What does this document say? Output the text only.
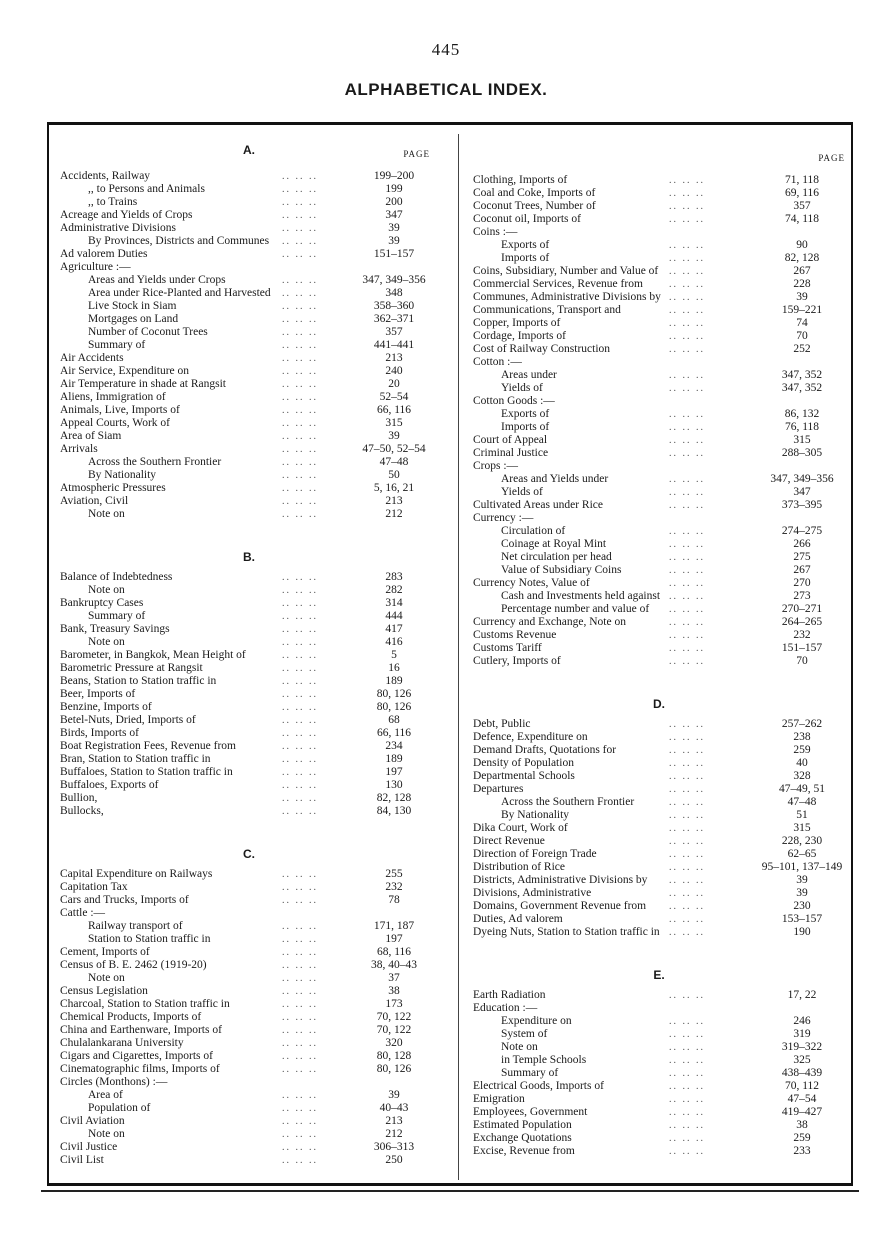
445
ALPHABETICAL INDEX.
A.	PAGE
Accidents, Railway	.. .. ..	199–200
,, to Persons and Animals	.. .. ..	199
,, to Trains	.. .. ..	200
Acreage and Yields of Crops	.. .. ..	347
Administrative Divisions	.. .. ..	39
By Provinces, Districts and Communes .. .. ..	39
Ad valorem Duties	.. .. ..	151–157
Agriculture :—
Areas and Yields under Crops	.. .. ..	347, 349–356
Area under Rice-Planted and Harvested .. .. ..	348
Live Stock in Siam	.. .. ..	358–360
Mortgages on Land	.. .. ..	362–371
Number of Coconut Trees	.. .. ..	357
Summary of	.. .. ..	441–441
Air Accidents	.. .. ..	213
Air Service, Expenditure on	.. .. ..	240
Air Temperature in shade at Rangsit	.. .. ..	20
Aliens, Immigration of	.. .. ..	52–54
Animals, Live, Imports of	.. .. ..	66, 116
Appeal Courts, Work of	.. .. ..	315
Area of Siam	.. .. ..	39
Arrivals	.. .. ..	47–50, 52–54
Across the Southern Frontier	.. .. ..	47–48
By Nationality	.. .. ..	50
Atmospheric Pressures	.. .. ..	5, 16, 21
Aviation, Civil	.. .. ..	213
Note on	.. .. ..	212
B.
Balance of Indebtedness	.. .. ..	283
Note on	.. .. ..	282
Bankruptcy Cases	.. .. ..	314
Summary of	.. .. ..	444
Bank, Treasury Savings	.. .. ..	417
Note on	.. .. ..	416
Barometer, in Bangkok, Mean Height of	.. .. ..	5
Barometric Pressure at Rangsit	.. .. ..	16
Beans, Station to Station traffic in	.. .. ..	189
Beer, Imports of	.. .. ..	80, 126
Benzine, Imports of	.. .. ..	80, 126
Betel-Nuts, Dried, Imports of	.. .. ..	68
Birds, Imports of	.. .. ..	66, 116
Boat Registration Fees, Revenue from	.. .. ..	234
Bran, Station to Station traffic in	.. .. ..	189
Buffaloes, Station to Station traffic in	.. .. ..	197
Buffaloes, Exports of	.. .. ..	130
Bullion,	.. .. ..	82, 128
Bullocks,	.. .. ..	84, 130
C.
Capital Expenditure on Railways	.. .. ..	255
Capitation Tax	.. .. ..	232
Cars and Trucks, Imports of	.. .. ..	78
Cattle :—
Railway transport of	.. .. ..	171, 187
Station to Station traffic in	.. .. ..	197
Cement, Imports of	.. .. ..	68, 116
Census of B. E. 2462 (1919-20)	.. .. ..	38, 40–43
Note on	.. .. ..	37
Census Legislation	.. .. ..	38
Charcoal, Station to Station traffic in	.. .. ..	173
Chemical Products, Imports of	.. .. ..	70, 122
China and Earthenware, Imports of	.. .. ..	70, 122
Chulalankarana University	.. .. ..	320
Cigars and Cigarettes, Imports of	.. .. ..	80, 128
Cinematographic films, Imports of	.. .. ..	80, 126
Circles (Monthons) :—
Area of	.. .. ..	39
Population of	.. .. ..	40–43
Civil Aviation	.. .. ..	213
Note on	.. .. ..	212
Civil Justice	.. .. ..	306–313
Civil List	.. .. ..	250
PAGE
Clothing, Imports of	.. .. ..	71, 118
Coal and Coke, Imports of	.. .. ..	69, 116
Coconut Trees, Number of	.. .. ..	357
Coconut oil, Imports of	.. .. ..	74, 118
Coins :—
Exports of	.. .. ..	90
Imports of	.. .. ..	82, 128
Coins, Subsidiary, Number and Value of .. .. ..	267
Commercial Services, Revenue from	.. .. ..	228
Communes, Administrative Divisions by .. .. ..	39
Communications, Transport and	.. .. ..	159–221
Copper, Imports of	.. .. ..	74
Cordage, Imports of	.. .. ..	70
Cost of Railway Construction	.. .. ..	252
Cotton :—
Areas under	.. .. ..	347, 352
Yields of	.. .. ..	347, 352
Cotton Goods :—
Exports of	.. .. ..	86, 132
Imports of	.. .. ..	76, 118
Court of Appeal	.. .. ..	315
Criminal Justice	.. .. ..	288–305
Crops :—
Areas and Yields under	.. .. ..	347, 349–356
Yields of	.. .. ..	347
Cultivated Areas under Rice	.. .. ..	373–395
Currency :—
Circulation of	.. .. ..	274–275
Coinage at Royal Mint	.. .. ..	266
Net circulation per head	.. .. ..	275
Value of Subsidiary Coins	.. .. ..	267
Currency Notes, Value of	.. .. ..	270
Cash and Investments held against .. .. ..	273
Percentage number and value of .. .. ..	270–271
Currency and Exchange, Note on	.. .. ..	264–265
Customs Revenue	.. .. ..	232
Customs Tariff	.. .. ..	151–157
Cutlery, Imports of	.. .. ..	70
D.
Debt, Public	.. .. ..	257–262
Defence, Expenditure on	.. .. ..	238
Demand Drafts, Quotations for	.. .. ..	259
Density of Population	.. .. ..	40
Departmental Schools	.. .. ..	328
Departures	.. .. ..	47–49, 51
Across the Southern Frontier	.. .. ..	47–48
By Nationality	.. .. ..	51
Dika Court, Work of	.. .. ..	315
Direct Revenue	.. .. ..	228, 230
Direction of Foreign Trade	.. .. ..	62–65
Distribution of Rice	.. .. ..	95–101, 137–149
Districts, Administrative Divisions by .. .. ..	39
Divisions, Administrative	.. .. ..	39
Domains, Government Revenue from .. .. ..	230
Duties, Ad valorem	.. .. ..	153–157
Dyeing Nuts, Station to Station traffic in .. .. ..	190
E.
Earth Radiation	.. .. ..	17, 22
Education :—
Expenditure on	.. .. ..	246
System of	.. .. ..	319
Note on	.. .. ..	319–322
in Temple Schools	.. .. ..	325
Summary of	.. .. ..	438–439
Electrical Goods, Imports of	.. .. ..	70, 112
Emigration	.. .. ..	47–54
Employees, Government	.. .. ..	419–427
Estimated Population	.. .. ..	38
Exchange Quotations	.. .. ..	259
Excise, Revenue from	.. .. ..	233
